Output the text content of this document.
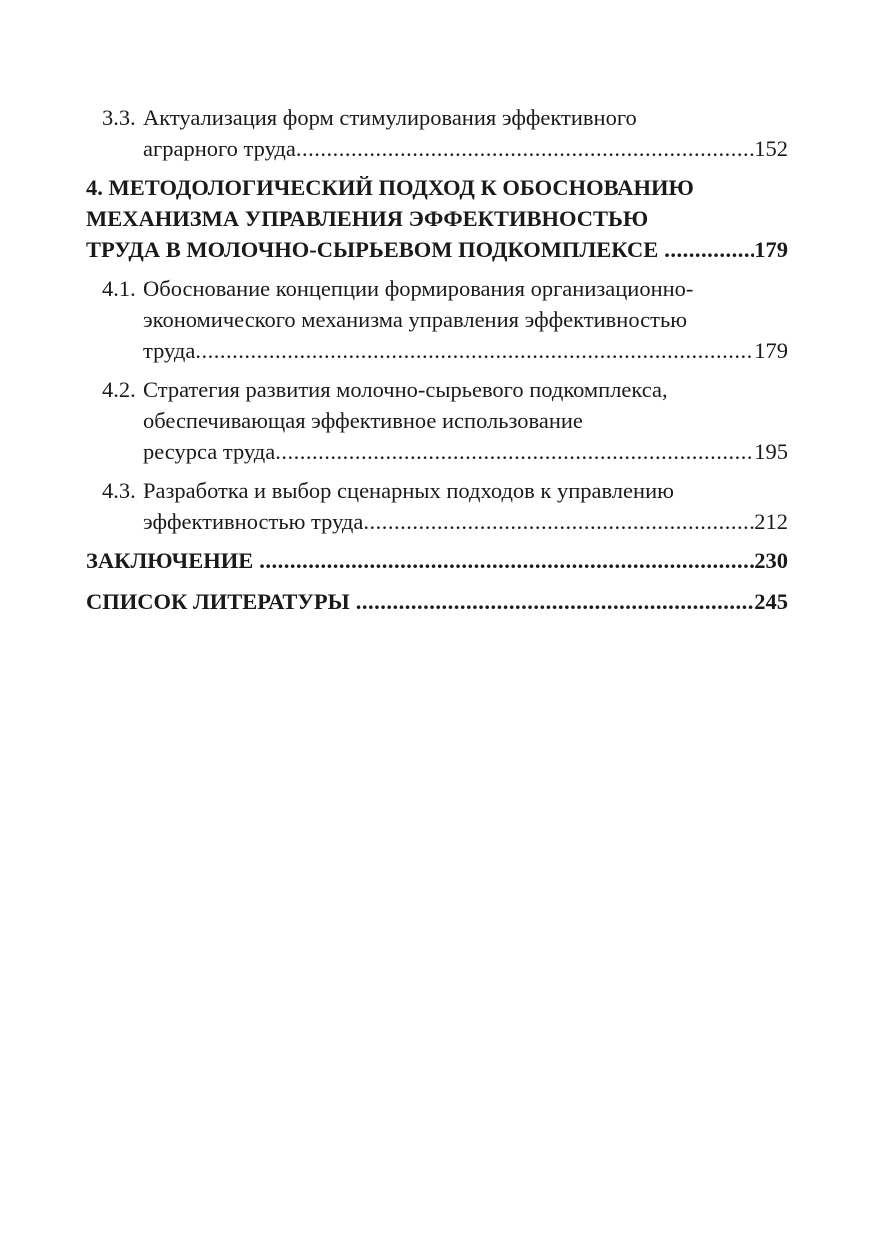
3.3. Актуализация форм стимулирования эффективного
аграрного труда .....	152
4. МЕТОДОЛОГИЧЕСКИЙ ПОДХОД К ОБОСНОВАНИЮ
МЕХАНИЗМА УПРАВЛЕНИЯ ЭФФЕКТИВНОСТЬЮ
ТРУДА В МОЛОЧНО-СЫРЬЕВОМ ПОДКОМПЛЕКСЕ .....	179
4.1. Обоснование концепции формирования организационно-
экономического механизма управления эффективностью
труда .....	179
4.2. Стратегия развития молочно-сырьевого подкомплекса,
обеспечивающая эффективное использование
ресурса труда .....	195
4.3. Разработка и выбор сценарных подходов к управлению
эффективностью труда .....	212
ЗАКЛЮЧЕНИЕ .....	230
СПИСОК ЛИТЕРАТУРЫ .....	245
